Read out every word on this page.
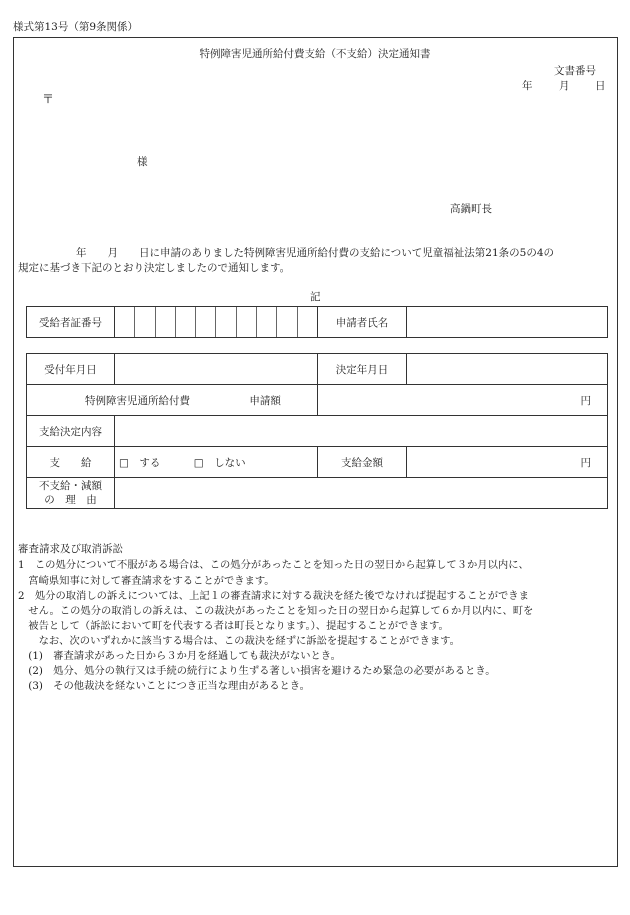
様式第13号（第9条関係）
特例障害児通所給付費支給（不支給）決定通知書
文書番号
年	月 日
〒
様
高鍋町長
年　　月　　日に申請のありました特例障害児通所給付費の支給について児童福祉法第21条の5の4の
規定に基づき下記のとおり決定しましたので通知します。
記
受給者証番号		申請者氏名	
受付年月日		決定年月日	
特例障害児通所給付費 申請額		円	
支給決定内容			
支　　給	□　する □　しない	支給金額	円

不支給・減額
の　理　由			

審査請求及び取消訴訟
1　この処分について不服がある場合は、この処分があったことを知った日の翌日から起算して３か月以内に、
　宮崎県知事に対して審査請求をすることができます。
2　処分の取消しの訴えについては、上記１の審査請求に対する裁決を経た後でなければ提起することができま
　せん。この処分の取消しの訴えは、この裁決があったことを知った日の翌日から起算して６か月以内に、町を
　被告として（訴訟において町を代表する者は町長となります。）、提起することができます。
　　なお、次のいずれかに該当する場合は、この裁決を経ずに訴訟を提起することができます。
　(1)　審査請求があった日から３か月を経過しても裁決がないとき。
　(2)　処分、処分の執行又は手続の続行により生ずる著しい損害を避けるため緊急の必要があるとき。
　(3)　その他裁決を経ないことにつき正当な理由があるとき。
